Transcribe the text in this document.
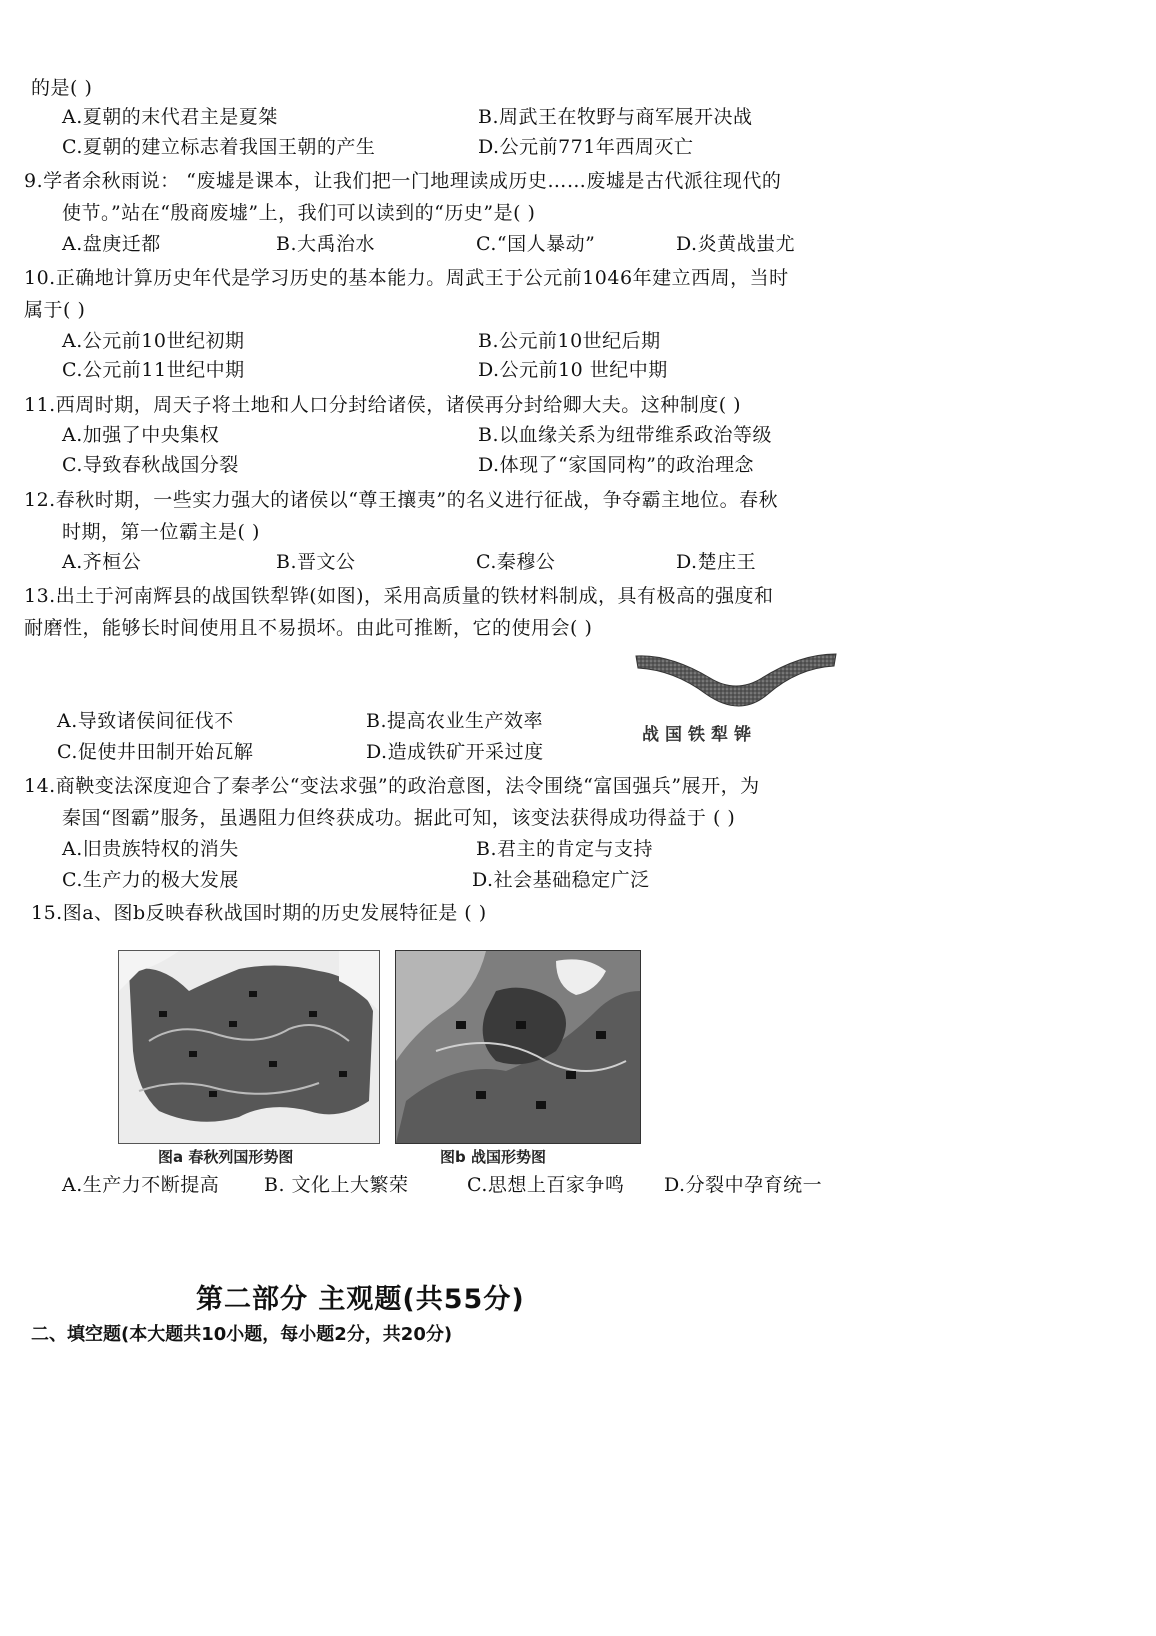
的是( )
A.夏朝的末代君主是夏桀	B.周武王在牧野与商军展开决战
C.夏朝的建立标志着我国王朝的产生	D.公元前771年西周灭亡
9.学者余秋雨说： “废墟是课本，让我们把一门地理读成历史……废墟是古代派往现代的
使节。”站在“殷商废墟”上，我们可以读到的“历史”是( )
A.盘庚迁都	B.大禹治水	C.“国人暴动”	D.炎黄战蚩尤
10.正确地计算历史年代是学习历史的基本能力。周武王于公元前1046年建立西周，当时
属于( )
A.公元前10世纪初期	B.公元前10世纪后期
C.公元前11世纪中期	D.公元前10 世纪中期
11.西周时期，周天子将土地和人口分封给诸侯，诸侯再分封给卿大夫。这种制度( )
A.加强了中央集权	B.以血缘关系为纽带维系政治等级
C.导致春秋战国分裂	D.体现了“家国同构”的政治理念
12.春秋时期，一些实力强大的诸侯以“尊王攘夷”的名义进行征战，争夺霸主地位。春秋
时期，第一位霸主是( )
A.齐桓公	B.晋文公	C.秦穆公	D.楚庄王
13.出土于河南辉县的战国铁犁铧(如图)，采用高质量的铁材料制成，具有极高的强度和
耐磨性，能够长时间使用且不易损坏。由此可推断，它的使用会( )
战国铁犁铧
A.导致诸侯间征伐不	B.提高农业生产效率
C.促使井田制开始瓦解	D.造成铁矿开采过度
14.商鞅变法深度迎合了秦孝公“变法求强”的政治意图，法令围绕“富国强兵”展开，为
秦国“图霸”服务，虽遇阻力但终获成功。据此可知，该变法获得成功得益于 ( )
A.旧贵族特权的消失	B.君主的肯定与支持
C.生产力的极大发展	D.社会基础稳定广泛
15.图a、图b反映春秋战国时期的历史发展特征是 ( )
图a 春秋列国形势图	图b 战国形势图
A.生产力不断提高 B. 文化上大繁荣	C.思想上百家争鸣 D.分裂中孕育统一
第二部分 主观题(共55分)
二、填空题(本大题共10小题，每小题2分，共20分)
